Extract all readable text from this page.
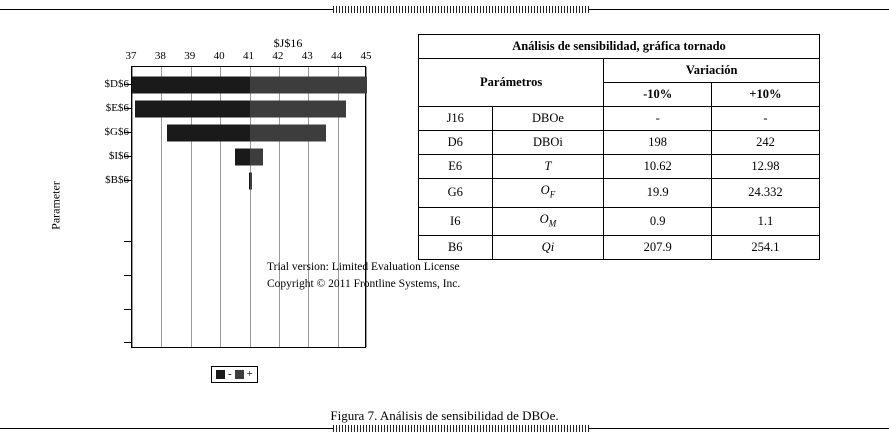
$J$16
Parameter
37 38 39 40 41 42 43 44 45
Trial version: Limited Evaluation License
Copyright © 2011 Frontline Systems, Inc.
$D$6
$E$6
$G$6
$I$6
$B$6
- +
Análisis de sensibilidad, gráfica tornado			
Parámetros		Variación	
		-10%	+10%
J16	DBOe	-	-
D6	DBOi	198	242
E6	T	10.62	12.98
G6	$O_F$	19.9	24.332
I6	$O_M$	0.9	1.1
B6	Qi	207.9	254.1
Figura 7. Análisis de sensibilidad de DBOe.
